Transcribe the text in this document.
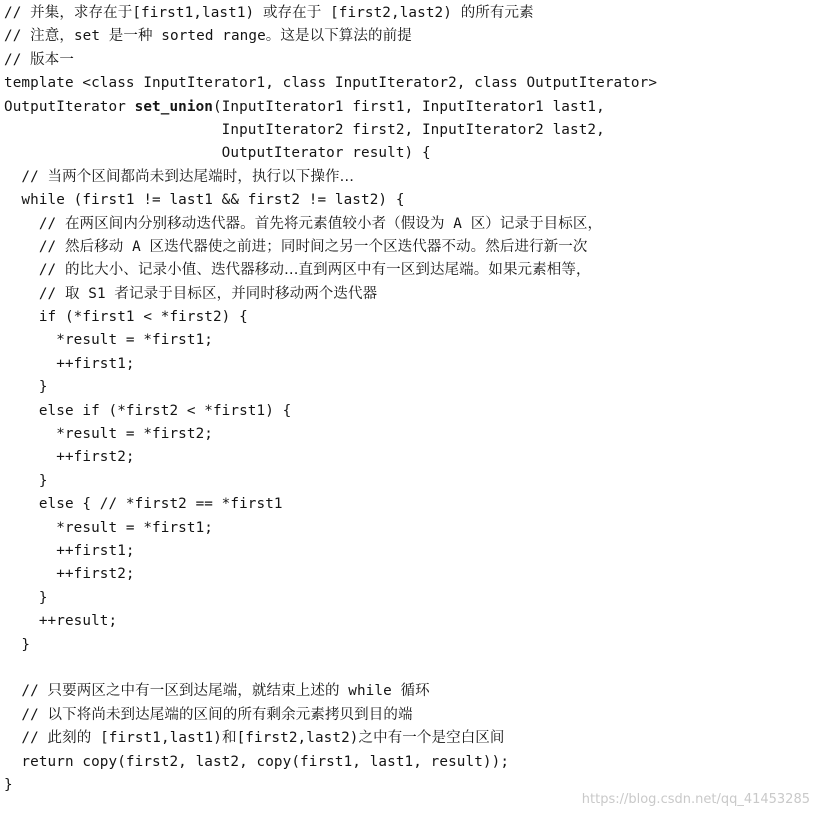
// 并集，求存在于[first1,last1) 或存在于 [first2,last2) 的所有元素
// 注意，set 是一种 sorted range。这是以下算法的前提
// 版本一
template <class InputIterator1, class InputIterator2, class OutputIterator>
OutputIterator set_union(InputIterator1 first1, InputIterator1 last1,
InputIterator2 first2, InputIterator2 last2,
OutputIterator result) {
// 当两个区间都尚未到达尾端时，执行以下操作…
while (first1 != last1 && first2 != last2) {
// 在两区间内分别移动迭代器。首先将元素值较小者（假设为 A 区）记录于目标区，
// 然后移动 A 区迭代器使之前进；同时间之另一个区迭代器不动。然后进行新一次
// 的比大小、记录小值、迭代器移动…直到两区中有一区到达尾端。如果元素相等，
// 取 S1 者记录于目标区，并同时移动两个迭代器
if (*first1 < *first2) {
*result = *first1;
++first1;
}
else if (*first2 < *first1) {
*result = *first2;
++first2;
}
else { // *first2 == *first1
*result = *first1;
++first1;
++first2;
}
++result;
}
// 只要两区之中有一区到达尾端，就结束上述的 while 循环
// 以下将尚未到达尾端的区间的所有剩余元素拷贝到目的端
// 此刻的 [first1,last1)和[first2,last2)之中有一个是空白区间
return copy(first2, last2, copy(first1, last1, result));
}
https://blog.csdn.net/qq_41453285
